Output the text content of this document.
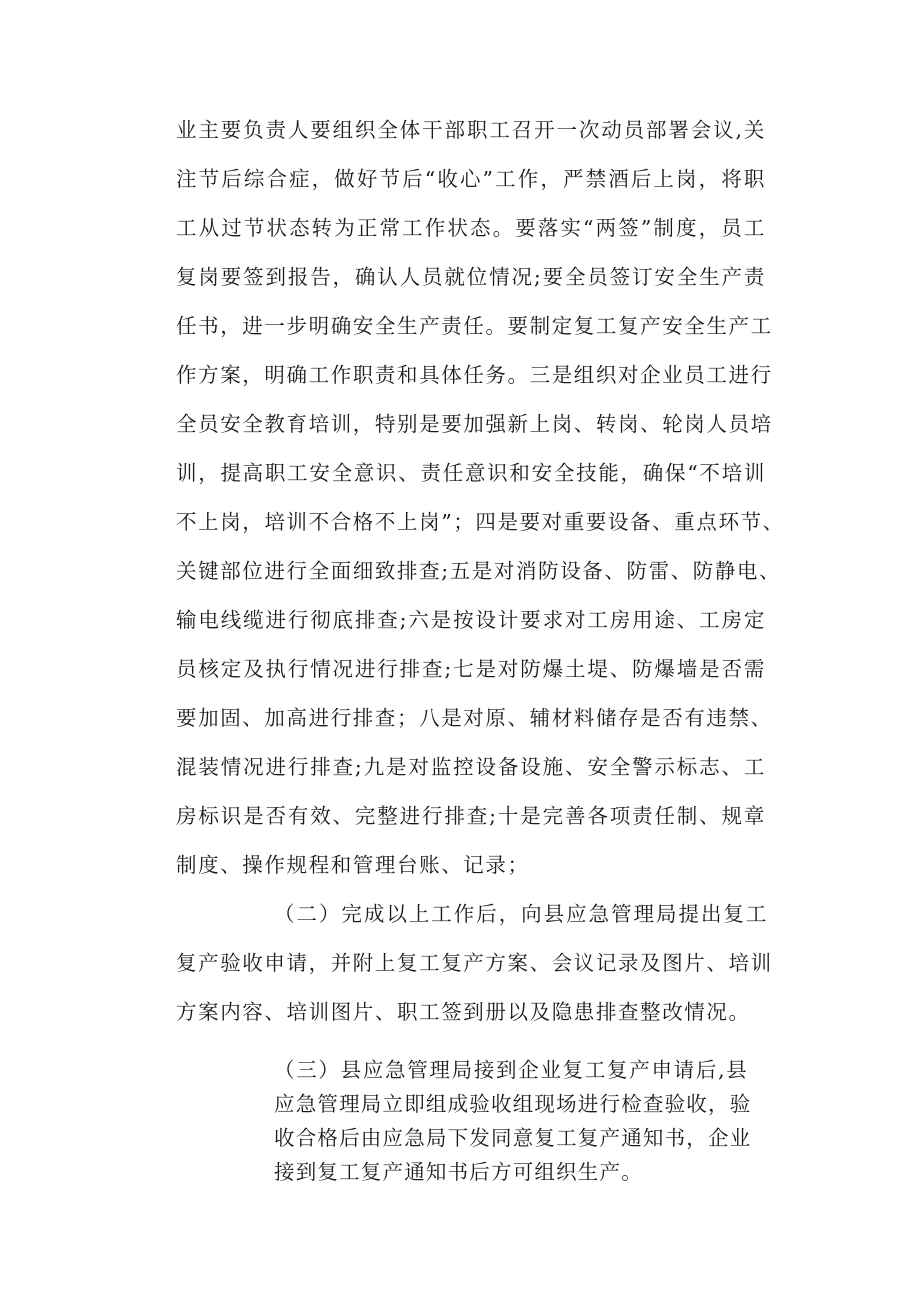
业主要负责人要组织全体干部职工召开一次动员部署会议,关
注节后综合症，做好节后“收心”工作，严禁酒后上岗，将职
工从过节状态转为正常工作状态。要落实“两签”制度，员工
复岗要签到报告，确认人员就位情况;要全员签订安全生产责
任书，进一步明确安全生产责任。要制定复工复产安全生产工
作方案，明确工作职责和具体任务。三是组织对企业员工进行
全员安全教育培训，特别是要加强新上岗、转岗、轮岗人员培
训，提高职工安全意识、责任意识和安全技能，确保“不培训
不上岗，培训不合格不上岗”；四是要对重要设备、重点环节、
关键部位进行全面细致排查;五是对消防设备、防雷、防静电、
输电线缆进行彻底排查;六是按设计要求对工房用途、工房定
员核定及执行情况进行排查;七是对防爆土堤、防爆墙是否需
要加固、加高进行排查；八是对原、辅材料储存是否有违禁、
混装情况进行排查;九是对监控设备设施、安全警示标志、工
房标识是否有效、完整进行排查;十是完善各项责任制、规章
制度、操作规程和管理台账、记录；
（二）完成以上工作后，向县应急管理局提出复工
复产验收申请，并附上复工复产方案、会议记录及图片、培训
方案内容、培训图片、职工签到册以及隐患排查整改情况。
（三）县应急管理局接到企业复工复产申请后,县
应急管理局立即组成验收组现场进行检查验收，验
收合格后由应急局下发同意复工复产通知书，企业
接到复工复产通知书后方可组织生产。
